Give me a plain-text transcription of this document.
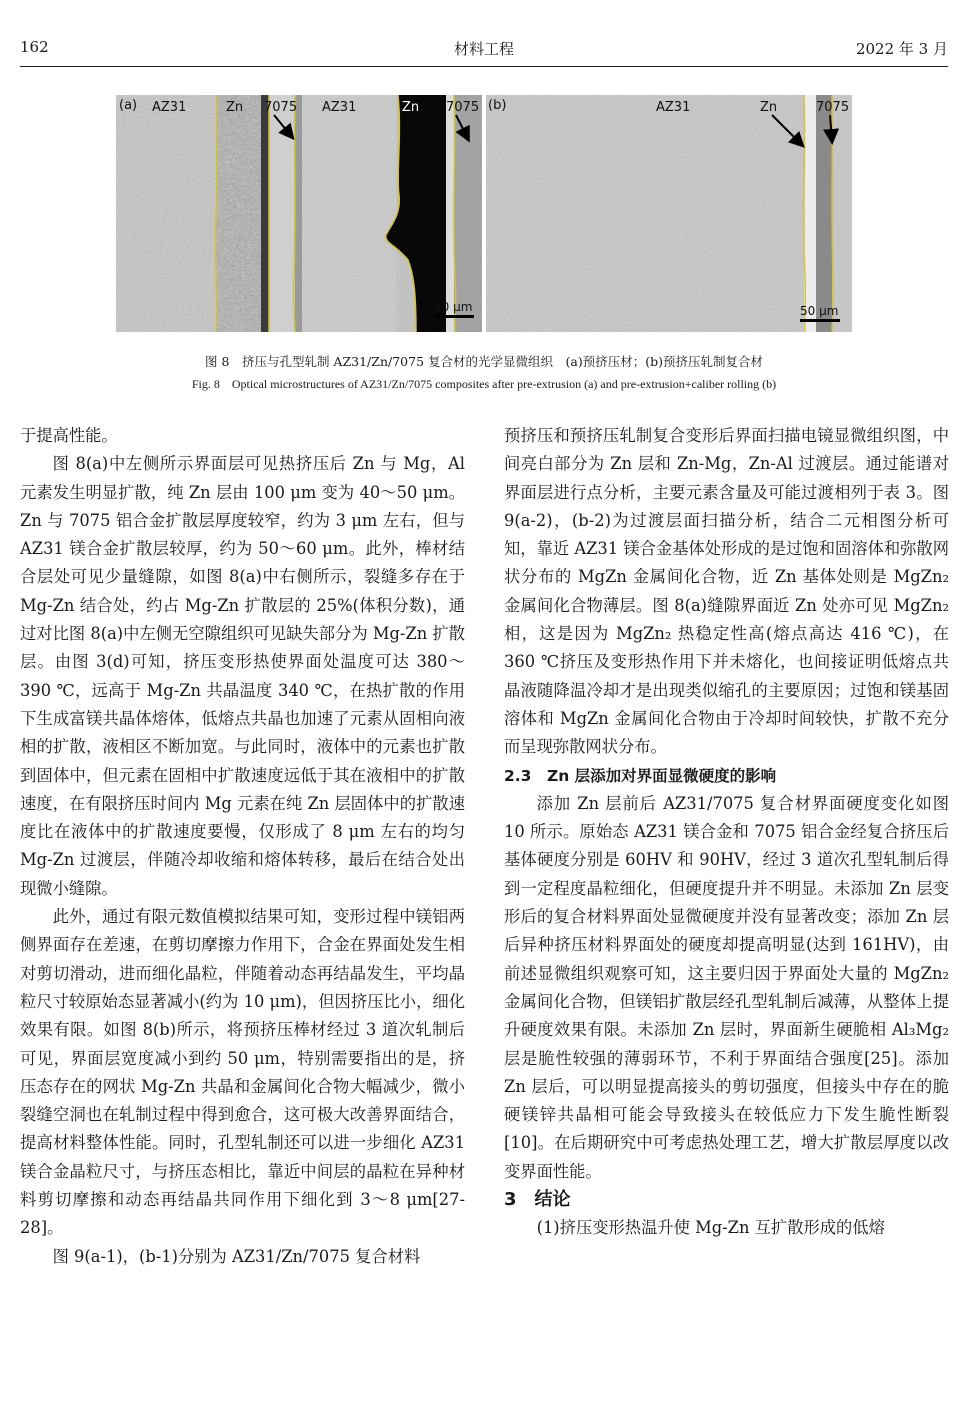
162	材料工程	2022 年 3 月
(a) AZ31	Zn 7075 AZ31	Zn 7075
50 μm
(b)	AZ31	Zn	7075
50 μm
图 8　挤压与孔型轧制 AZ31/Zn/7075 复合材的光学显微组织　(a)预挤压材；(b)预挤压轧制复合材
Fig. 8　Optical microstructures of AZ31/Zn/7075 composites after pre-extrusion (a) and pre-extrusion+caliber rolling (b)

于提高性能。

图 8(a)中左侧所示界面层可见热挤压后 Zn 与 Mg，Al 元素发生明显扩散，纯 Zn 层由 100 μm 变为 40～50 μm。Zn 与 7075 铝合金扩散层厚度较窄，约为 3 μm 左右，但与 AZ31 镁合金扩散层较厚，约为 50～60 μm。此外，棒材结合层处可见少量缝隙，如图 8(a)中右侧所示，裂缝多存在于 Mg-Zn 结合处，约占 Mg-Zn 扩散层的 25%(体积分数)，通过对比图 8(a)中左侧无空隙组织可见缺失部分为 Mg-Zn 扩散层。由图 3(d)可知，挤压变形热使界面处温度可达 380～390 ℃，远高于 Mg-Zn 共晶温度 340 ℃，在热扩散的作用下生成富镁共晶体熔体，低熔点共晶也加速了元素从固相向液相的扩散，液相区不断加宽。与此同时，液体中的元素也扩散到固体中，但元素在固相中扩散速度远低于其在液相中的扩散速度，在有限挤压时间内 Mg 元素在纯 Zn 层固体中的扩散速度比在液体中的扩散速度要慢，仅形成了 8 μm 左右的均匀 Mg-Zn 过渡层，伴随冷却收缩和熔体转移，最后在结合处出现微小缝隙。

此外，通过有限元数值模拟结果可知，变形过程中镁铝两侧界面存在差速，在剪切摩擦力作用下，合金在界面处发生相对剪切滑动，进而细化晶粒，伴随着动态再结晶发生，平均晶粒尺寸较原始态显著减小(约为 10 μm)，但因挤压比小，细化效果有限。如图 8(b)所示，将预挤压棒材经过 3 道次轧制后可见，界面层宽度减小到约 50 μm，特别需要指出的是，挤压态存在的网状 Mg-Zn 共晶和金属间化合物大幅减少，微小裂缝空洞也在轧制过程中得到愈合，这可极大改善界面结合，提高材料整体性能。同时，孔型轧制还可以进一步细化 AZ31 镁合金晶粒尺寸，与挤压态相比，靠近中间层的晶粒在异种材料剪切摩擦和动态再结晶共同作用下细化到 3～8 μm[27-28]。

图 9(a-1)，(b-1)分别为 AZ31/Zn/7075 复合材料

预挤压和预挤压轧制复合变形后界面扫描电镜显微组织图，中间亮白部分为 Zn 层和 Zn-Mg，Zn-Al 过渡层。通过能谱对界面层进行点分析，主要元素含量及可能过渡相列于表 3。图 9(a-2)，(b-2)为过渡层面扫描分析，结合二元相图分析可知，靠近 AZ31 镁合金基体处形成的是过饱和固溶体和弥散网状分布的 MgZn 金属间化合物，近 Zn 基体处则是 MgZn₂ 金属间化合物薄层。图 8(a)缝隙界面近 Zn 处亦可见 MgZn₂ 相，这是因为 MgZn₂ 热稳定性高(熔点高达 416 ℃)，在 360 ℃挤压及变形热作用下并未熔化，也间接证明低熔点共晶液随降温冷却才是出现类似缩孔的主要原因；过饱和镁基固溶体和 MgZn 金属间化合物由于冷却时间较快，扩散不充分而呈现弥散网状分布。

2.3　Zn 层添加对界面显微硬度的影响

添加 Zn 层前后 AZ31/7075 复合材界面硬度变化如图 10 所示。原始态 AZ31 镁合金和 7075 铝合金经复合挤压后基体硬度分别是 60HV 和 90HV，经过 3 道次孔型轧制后得到一定程度晶粒细化，但硬度提升并不明显。未添加 Zn 层变形后的复合材料界面处显微硬度并没有显著改变；添加 Zn 层后异种挤压材料界面处的硬度却提高明显(达到 161HV)，由前述显微组织观察可知，这主要归因于界面处大量的 MgZn₂ 金属间化合物，但镁铝扩散层经孔型轧制后减薄，从整体上提升硬度效果有限。未添加 Zn 层时，界面新生硬脆相 Al₃Mg₂ 层是脆性较强的薄弱环节，不利于界面结合强度[25]。添加 Zn 层后，可以明显提高接头的剪切强度，但接头中存在的脆硬镁锌共晶相可能会导致接头在较低应力下发生脆性断裂[10]。在后期研究中可考虑热处理工艺，增大扩散层厚度以改变界面性能。

3　结论

(1)挤压变形热温升使 Mg-Zn 互扩散形成的低熔
